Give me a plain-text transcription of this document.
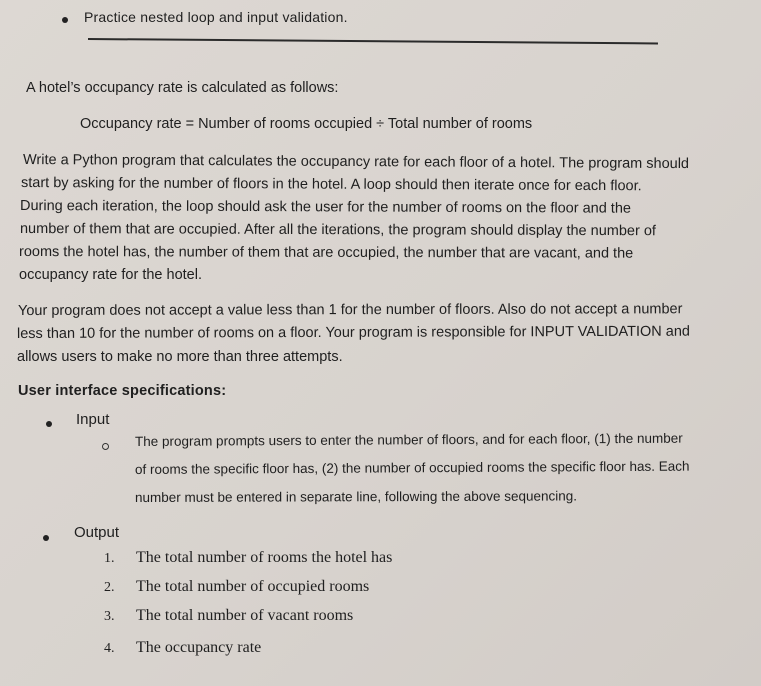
Practice nested loop and input validation.
A hotel’s occupancy rate is calculated as follows:
Occupancy rate = Number of rooms occupied ÷ Total number of rooms
Write a Python program that calculates the occupancy rate for each floor of a hotel. The program should
start by asking for the number of floors in the hotel. A loop should then iterate once for each floor.
During each iteration, the loop should ask the user for the number of rooms on the floor and the
number of them that are occupied. After all the iterations, the program should display the number of
rooms the hotel has, the number of them that are occupied, the number that are vacant, and the
occupancy rate for the hotel.
Your program does not accept a value less than 1 for the number of floors. Also do not accept a number
less than 10 for the number of rooms on a floor. Your program is responsible for INPUT VALIDATION and
allows users to make no more than three attempts.
User interface specifications:
Input
The program prompts users to enter the number of floors, and for each floor, (1) the number
of rooms the specific floor has, (2) the number of occupied rooms the specific floor has. Each
number must be entered in separate line, following the above sequencing.
Output
1. The total number of rooms the hotel has
2. The total number of occupied rooms
3. The total number of vacant rooms
4. The occupancy rate
